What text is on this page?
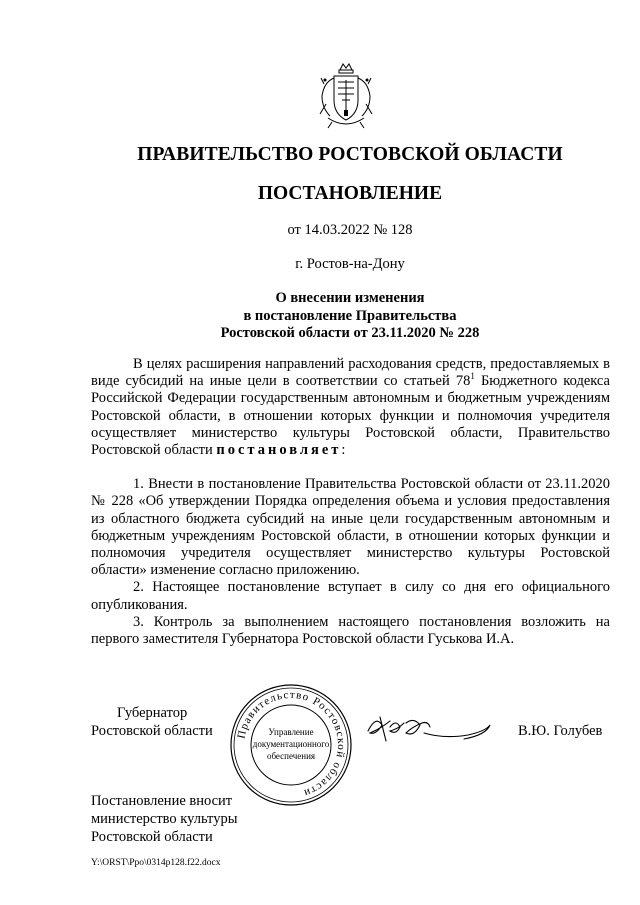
ПРАВИТЕЛЬСТВО РОСТОВСКОЙ ОБЛАСТИ
ПОСТАНОВЛЕНИЕ
от 14.03.2022 № 128
г. Ростов-на-Дону
О внесении изменения
в постановление Правительства
Ростовской области от 23.11.2020 № 228

В целях расширения направлений расходования средств, предоставляемых в виде субсидий на иные цели в соответствии со статьей $78^1$ Бюджетного кодекса Российской Федерации государственным автономным и бюджетным учреждениям Ростовской области, в отношении которых функции и полномочия учредителя осуществляет министерство культуры Ростовской области, Правительство Ростовской области постановляет:

1. Внести в постановление Правительства Ростовской области от 23.11.2020 № 228 «Об утверждении Порядка определения объема и условия предоставления из областного бюджета субсидий на иные цели государственным автономным и бюджетным учреждениям Ростовской области, в отношении которых функции и полномочия учредителя осуществляет министерство культуры Ростовской области» изменение согласно приложению.

2. Настоящее постановление вступает в силу со дня его официального опубликования.

3. Контроль за выполнением настоящего постановления возложить на первого заместителя Губернатора Ростовской области Гуськова И.А.

Губернатор
Ростовской области Правительство Ростовской области
Управление
документационного
обеспечения
В.Ю. Голубев
Постановление вносит
министерство культуры
Ростовской области
Y:\ORST\Ppo\0314p128.f22.docx
